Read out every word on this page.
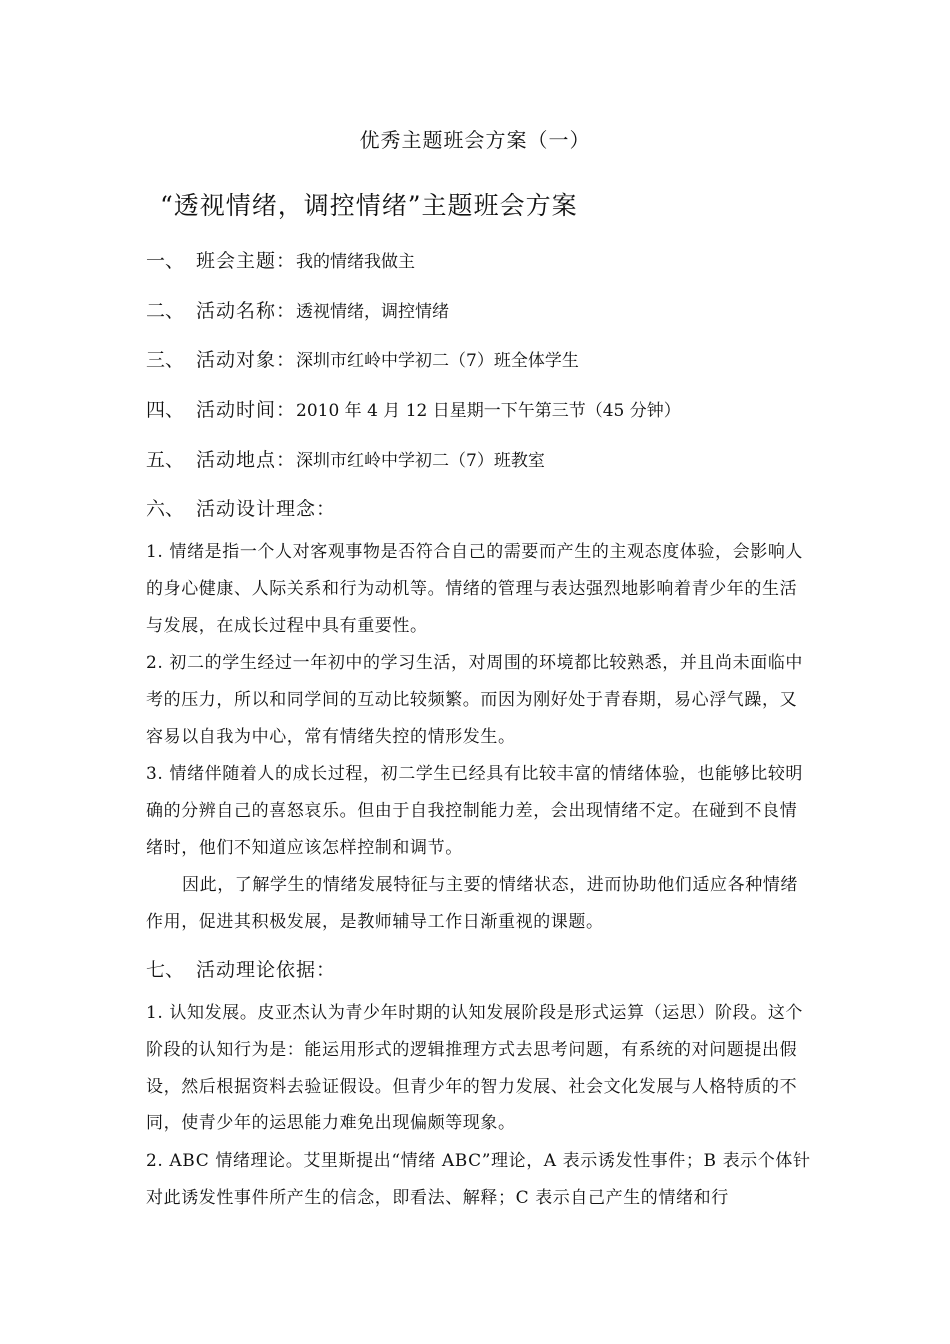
优秀主题班会方案（一）
“透视情绪，调控情绪”主题班会方案
一、 班会主题：我的情绪我做主
二、 活动名称：透视情绪，调控情绪
三、 活动对象：深圳市红岭中学初二（7）班全体学生
四、 活动时间：2010 年 4 月 12 日星期一下午第三节（45 分钟）
五、 活动地点：深圳市红岭中学初二（7）班教室
六、 活动设计理念：
1. 情绪是指一个人对客观事物是否符合自己的需要而产生的主观态度体验，会影响人的身心健康、人际关系和行为动机等。情绪的管理与表达强烈地影响着青少年的生活与发展，在成长过程中具有重要性。
2. 初二的学生经过一年初中的学习生活，对周围的环境都比较熟悉，并且尚未面临中考的压力，所以和同学间的互动比较频繁。而因为刚好处于青春期，易心浮气躁，又容易以自我为中心，常有情绪失控的情形发生。
3. 情绪伴随着人的成长过程，初二学生已经具有比较丰富的情绪体验，也能够比较明确的分辨自己的喜怒哀乐。但由于自我控制能力差，会出现情绪不定。在碰到不良情绪时，他们不知道应该怎样控制和调节。
因此，了解学生的情绪发展特征与主要的情绪状态，进而协助他们适应各种情绪作用，促进其积极发展，是教师辅导工作日渐重视的课题。
七、 活动理论依据：
1. 认知发展。皮亚杰认为青少年时期的认知发展阶段是形式运算（运思）阶段。这个阶段的认知行为是：能运用形式的逻辑推理方式去思考问题，有系统的对问题提出假设，然后根据资料去验证假设。但青少年的智力发展、社会文化发展与人格特质的不同，使青少年的运思能力难免出现偏颇等现象。
2. ABC 情绪理论。艾里斯提出“情绪 ABC”理论，A 表示诱发性事件；B 表示个体针对此诱发性事件所产生的信念，即看法、解释；C 表示自己产生的情绪和行
